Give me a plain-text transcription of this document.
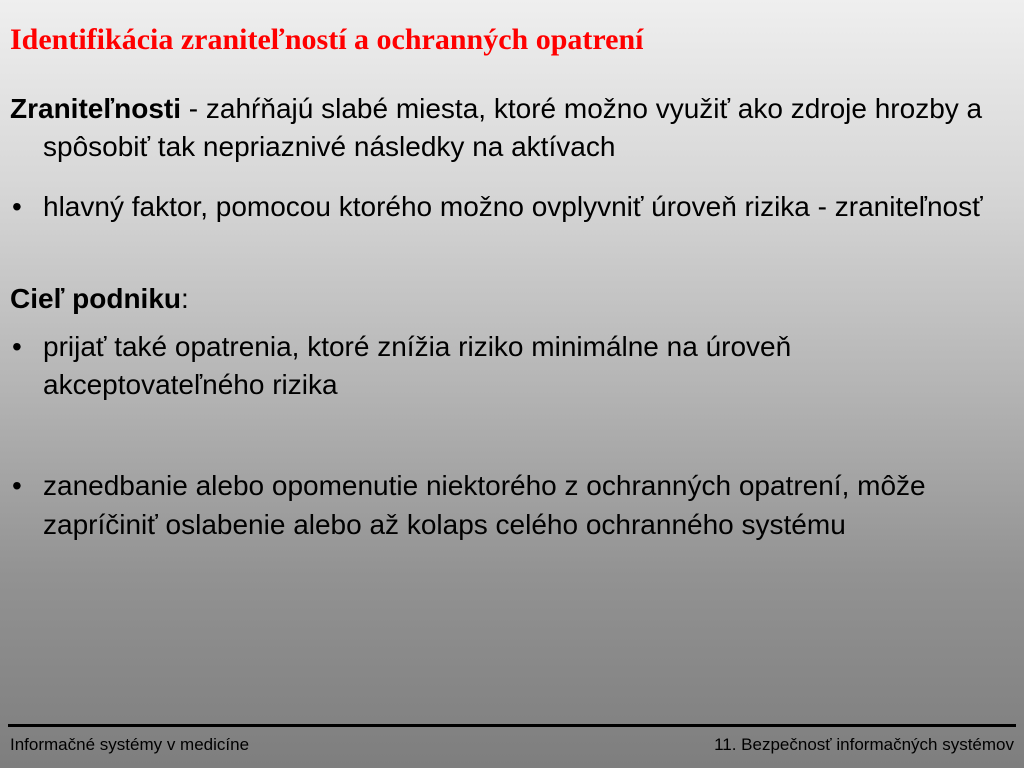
Identifikácia zraniteľností a ochranných opatrení

Zraniteľnosti - zahŕňajú slabé miesta, ktoré možno využiť ako zdroje hrozby a spôsobiť tak nepriaznivé následky na aktívach

• hlavný faktor, pomocou ktorého možno ovplyvniť úroveň rizika - zraniteľnosť

Cieľ podniku:

• prijať také opatrenia, ktoré znížia riziko minimálne na úroveň akceptovateľného rizika

• zanedbanie alebo opomenutie niektorého z ochranných opatrení, môže zapríčiniť oslabenie alebo až kolaps celého ochranného systému

Informačné systémy v medicíne	11. Bezpečnosť informačných systémov
